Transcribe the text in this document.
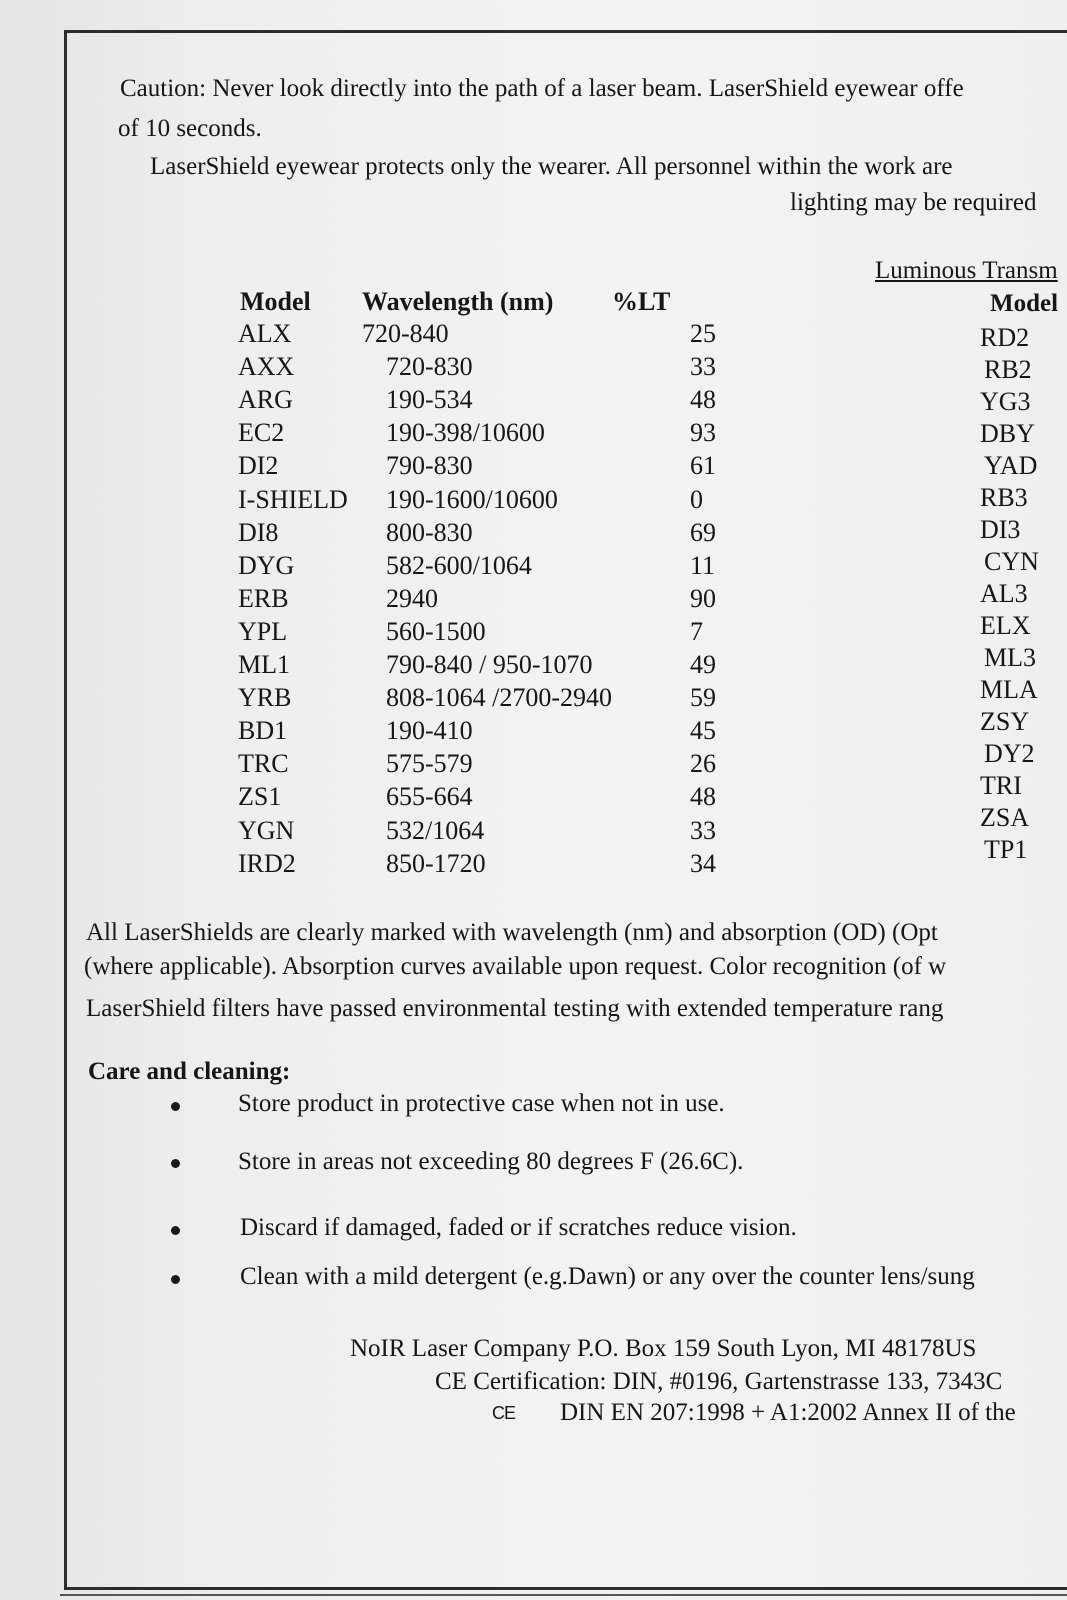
Caution: Never look directly into the path of a laser beam. LaserShield eyewear offe
of 10 seconds.
LaserShield eyewear protects only the wearer. All personnel within the work are
lighting may be required
Luminous Transm
Model
RD2
RB2
YG3
DBY
YAD
RB3
DI3
CYN
AL3
ELX
ML3
MLA
ZSY
DY2
TRI
ZSA
TP1
Model Wavelength (nm) %LT
ALX	720-840	25
AXX	720-830	33
ARG	190-534	48
EC2	190-398/10600	93
DI2	790-830	61
I-SHIELD 190-1600/10600	0
DI8	800-830	69
DYG	582-600/1064	11
ERB	2940	90
YPL	560-1500	7
ML1	790-840 / 950-1070	49
YRB	808-1064 /2700-2940	59
BD1	190-410	45
TRC	575-579	26
ZS1	655-664	48
YGN	532/1064	33
IRD2	850-1720	34
All LaserShields are clearly marked with wavelength (nm) and absorption (OD) (Opt
(where applicable). Absorption curves available upon request. Color recognition (of w
LaserShield filters have passed environmental testing with extended temperature rang
Care and cleaning:
Store product in protective case when not in use.
Store in areas not exceeding 80 degrees F (26.6C).
Discard if damaged, faded or if scratches reduce vision.
Clean with a mild detergent (e.g.Dawn) or any over the counter lens/sung
NoIR Laser Company P.O. Box 159 South Lyon, MI 48178US
CE Certification: DIN, #0196, Gartenstrasse 133, 7343C
CE DIN EN 207:1998 + A1:2002 Annex II of the
